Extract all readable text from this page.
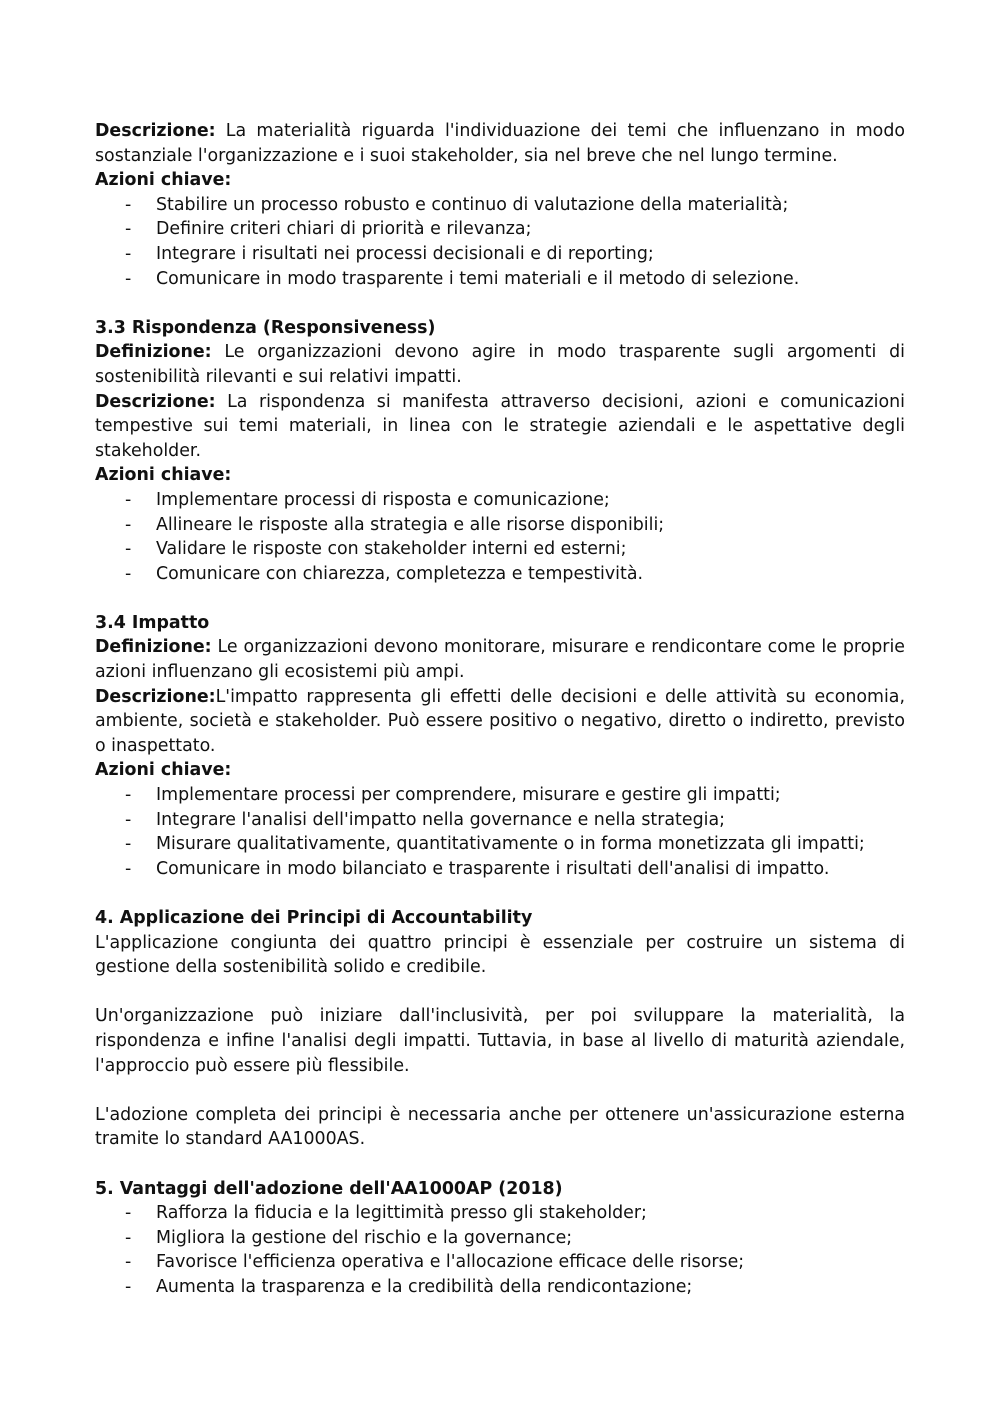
Descrizione: La materialità riguarda l'individuazione dei temi che influenzano in modo sostanziale l'organizzazione e i suoi stakeholder, sia nel breve che nel lungo termine.

Azioni chiave:

- Stabilire un processo robusto e continuo di valutazione della materialità;
- Definire criteri chiari di priorità e rilevanza;
- Integrare i risultati nei processi decisionali e di reporting;
- Comunicare in modo trasparente i temi materiali e il metodo di selezione.
3.3 Rispondenza (Responsiveness)

Definizione: Le organizzazioni devono agire in modo trasparente sugli argomenti di sostenibilità rilevanti e sui relativi impatti.

Descrizione: La rispondenza si manifesta attraverso decisioni, azioni e comunicazioni tempestive sui temi materiali, in linea con le strategie aziendali e le aspettative degli stakeholder.

Azioni chiave:

- Implementare processi di risposta e comunicazione;
- Allineare le risposte alla strategia e alle risorse disponibili;
- Validare le risposte con stakeholder interni ed esterni;
- Comunicare con chiarezza, completezza e tempestività.
3.4 Impatto

Definizione: Le organizzazioni devono monitorare, misurare e rendicontare come le proprie azioni influenzano gli ecosistemi più ampi.

Descrizione:L'impatto rappresenta gli effetti delle decisioni e delle attività su economia, ambiente, società e stakeholder. Può essere positivo o negativo, diretto o indiretto, previsto o inaspettato.

Azioni chiave:

- Implementare processi per comprendere, misurare e gestire gli impatti;
- Integrare l'analisi dell'impatto nella governance e nella strategia;
- Misurare qualitativamente, quantitativamente o in forma monetizzata gli impatti;
- Comunicare in modo bilanciato e trasparente i risultati dell'analisi di impatto.
4. Applicazione dei Principi di Accountability

L'applicazione congiunta dei quattro principi è essenziale per costruire un sistema di gestione della sostenibilità solido e credibile.

Un'organizzazione può iniziare dall'inclusività, per poi sviluppare la materialità, la rispondenza e infine l'analisi degli impatti. Tuttavia, in base al livello di maturità aziendale, l'approccio può essere più flessibile.

L'adozione completa dei principi è necessaria anche per ottenere un'assicurazione esterna tramite lo standard AA1000AS.

5. Vantaggi dell'adozione dell'AA1000AP (2018)
- Rafforza la fiducia e la legittimità presso gli stakeholder;
- Migliora la gestione del rischio e la governance;
- Favorisce l'efficienza operativa e l'allocazione efficace delle risorse;
- Aumenta la trasparenza e la credibilità della rendicontazione;
